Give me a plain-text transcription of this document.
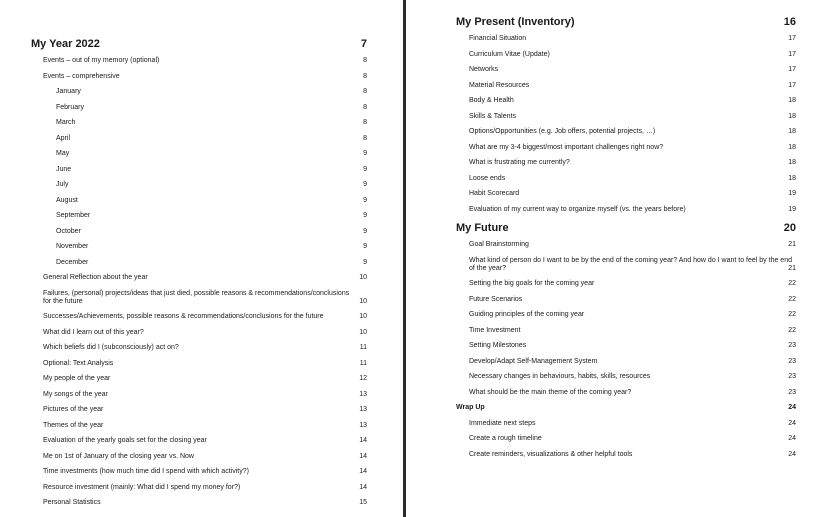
My Year 2022	7
Events – out of my memory (optional)	8
Events – comprehensive	8
January	8
February	8
March	8
April	8
May	9
June	9
July	9
August	9
September	9
October	9
November	9
December	9
General Reflection about the year	10
Failures, (personal) projects/ideas that just died, possible reasons & recommendations/conclusions for the future	10
Successes/Achievements, possible reasons & recommendations/conclusions for the future	10
What did I learn out of this year?	10
Which beliefs did I (subconsciously) act on?	11
Optional: Text Analysis	11
My people of the year	12
My songs of the year	13
Pictures of the year	13
Themes of the year	13
Evaluation of the yearly goals set for the closing year	14
Me on 1st of January of the closing year vs. Now	14
Time investments (how much time did I spend with which activity?)	14
Resource investment (mainly: What did I spend my money for?)	14
Personal Statistics	15
My Present (Inventory)	16
Financial Situation	17
Curriculum Vitae (Update)	17
Networks	17
Material Resources	17
Body & Health	18
Skills & Talents	18
Options/Opportunities (e.g. Job offers, potential projects, …)	18
What are my 3-4 biggest/most important challenges right now?	18
What is frustrating me currently?	18
Loose ends	18
Habit Scorecard	19
Evaluation of my current way to organize myself (vs. the years before)	19
My Future	20
Goal Brainstorming	21
What kind of person do I want to be by the end of the coming year? And how do I want to feel by the end of the year?	21
Setting the big goals for the coming year	22
Future Scenarios	22
Guiding principles of the coming year	22
Time Investment	22
Setting Milestones	23
Develop/Adapt Self-Management System	23
Necessary changes in behaviours, habits, skills, resources	23
What should be the main theme of the coming year?	23
Wrap Up	24
Immediate next steps	24
Create a rough timeline	24
Create reminders, visualizations & other helpful tools	24
